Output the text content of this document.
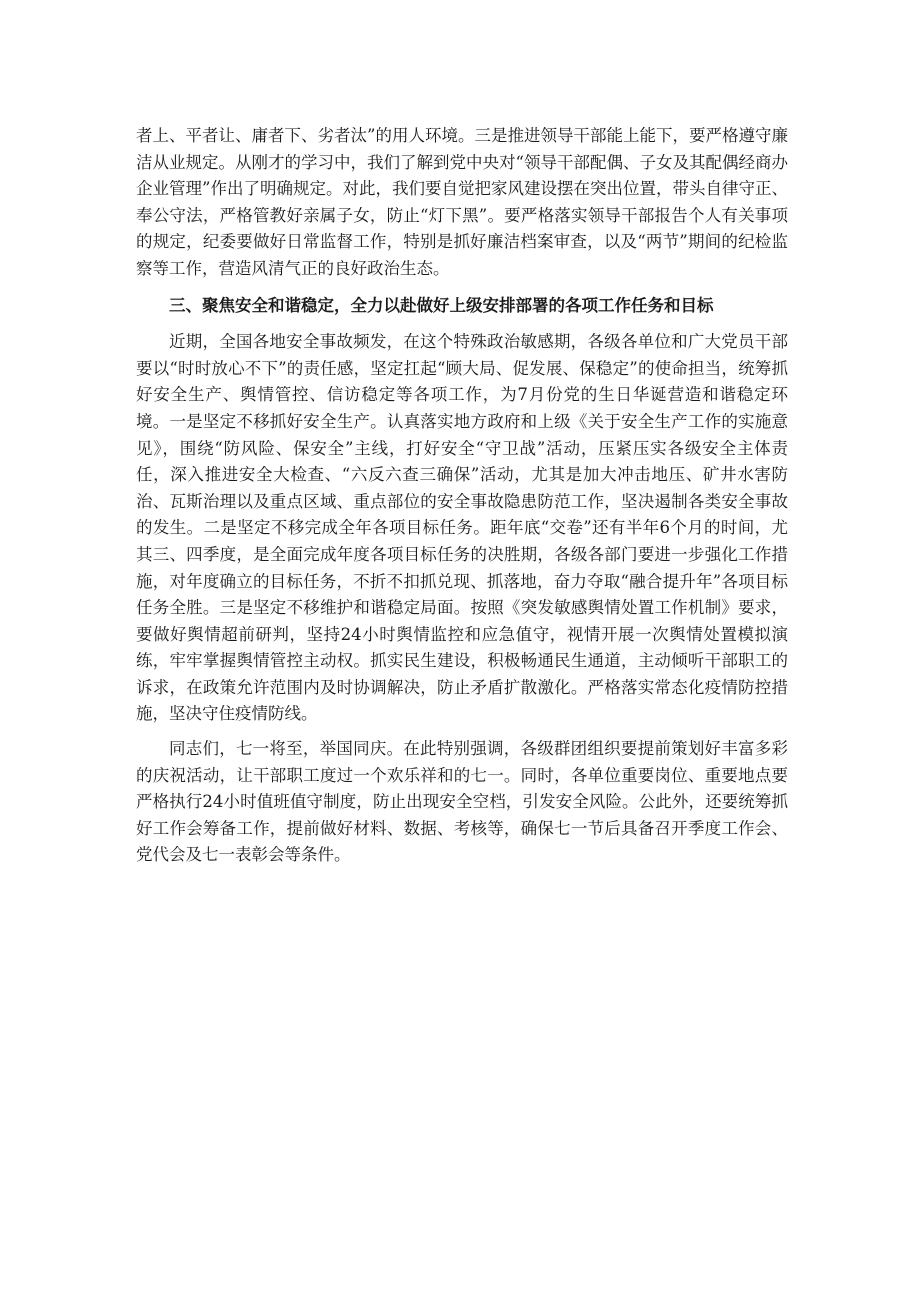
者上、平者让、庸者下、劣者汰”的用人环境。三是推进领导干部能上能下，要严格遵守廉洁从业规定。从刚才的学习中，我们了解到党中央对“领导干部配偶、子女及其配偶经商办企业管理”作出了明确规定。对此，我们要自觉把家风建设摆在突出位置，带头自律守正、奉公守法，严格管教好亲属子女，防止“灯下黑”。要严格落实领导干部报告个人有关事项的规定，纪委要做好日常监督工作，特别是抓好廉洁档案审查，以及“两节”期间的纪检监察等工作，营造风清气正的良好政治生态。

三、聚焦安全和谐稳定，全力以赴做好上级安排部署的各项工作任务和目标

近期，全国各地安全事故频发，在这个特殊政治敏感期，各级各单位和广大党员干部要以“时时放心不下”的责任感，坚定扛起“顾大局、促发展、保稳定”的使命担当，统筹抓好安全生产、舆情管控、信访稳定等各项工作，为7月份党的生日华诞营造和谐稳定环境。一是坚定不移抓好安全生产。认真落实地方政府和上级《关于安全生产工作的实施意见》，围绕“防风险、保安全”主线，打好安全“守卫战”活动，压紧压实各级安全主体责任，深入推进安全大检查、“六反六查三确保”活动，尤其是加大冲击地压、矿井水害防治、瓦斯治理以及重点区域、重点部位的安全事故隐患防范工作，坚决遏制各类安全事故的发生。二是坚定不移完成全年各项目标任务。距年底“交卷”还有半年6个月的时间，尤其三、四季度，是全面完成年度各项目标任务的决胜期，各级各部门要进一步强化工作措施，对年度确立的目标任务，不折不扣抓兑现、抓落地，奋力夺取“融合提升年”各项目标任务全胜。三是坚定不移维护和谐稳定局面。按照《突发敏感舆情处置工作机制》要求，要做好舆情超前研判，坚持24小时舆情监控和应急值守，视情开展一次舆情处置模拟演练，牢牢掌握舆情管控主动权。抓实民生建设，积极畅通民生通道，主动倾听干部职工的诉求，在政策允许范围内及时协调解决，防止矛盾扩散激化。严格落实常态化疫情防控措施，坚决守住疫情防线。

同志们，七一将至，举国同庆。在此特别强调，各级群团组织要提前策划好丰富多彩的庆祝活动，让干部职工度过一个欢乐祥和的七一。同时，各单位重要岗位、重要地点要严格执行24小时值班值守制度，防止出现安全空档，引发安全风险。公此外，还要统筹抓好工作会筹备工作，提前做好材料、数据、考核等，确保七一节后具备召开季度工作会、党代会及七一表彰会等条件。
